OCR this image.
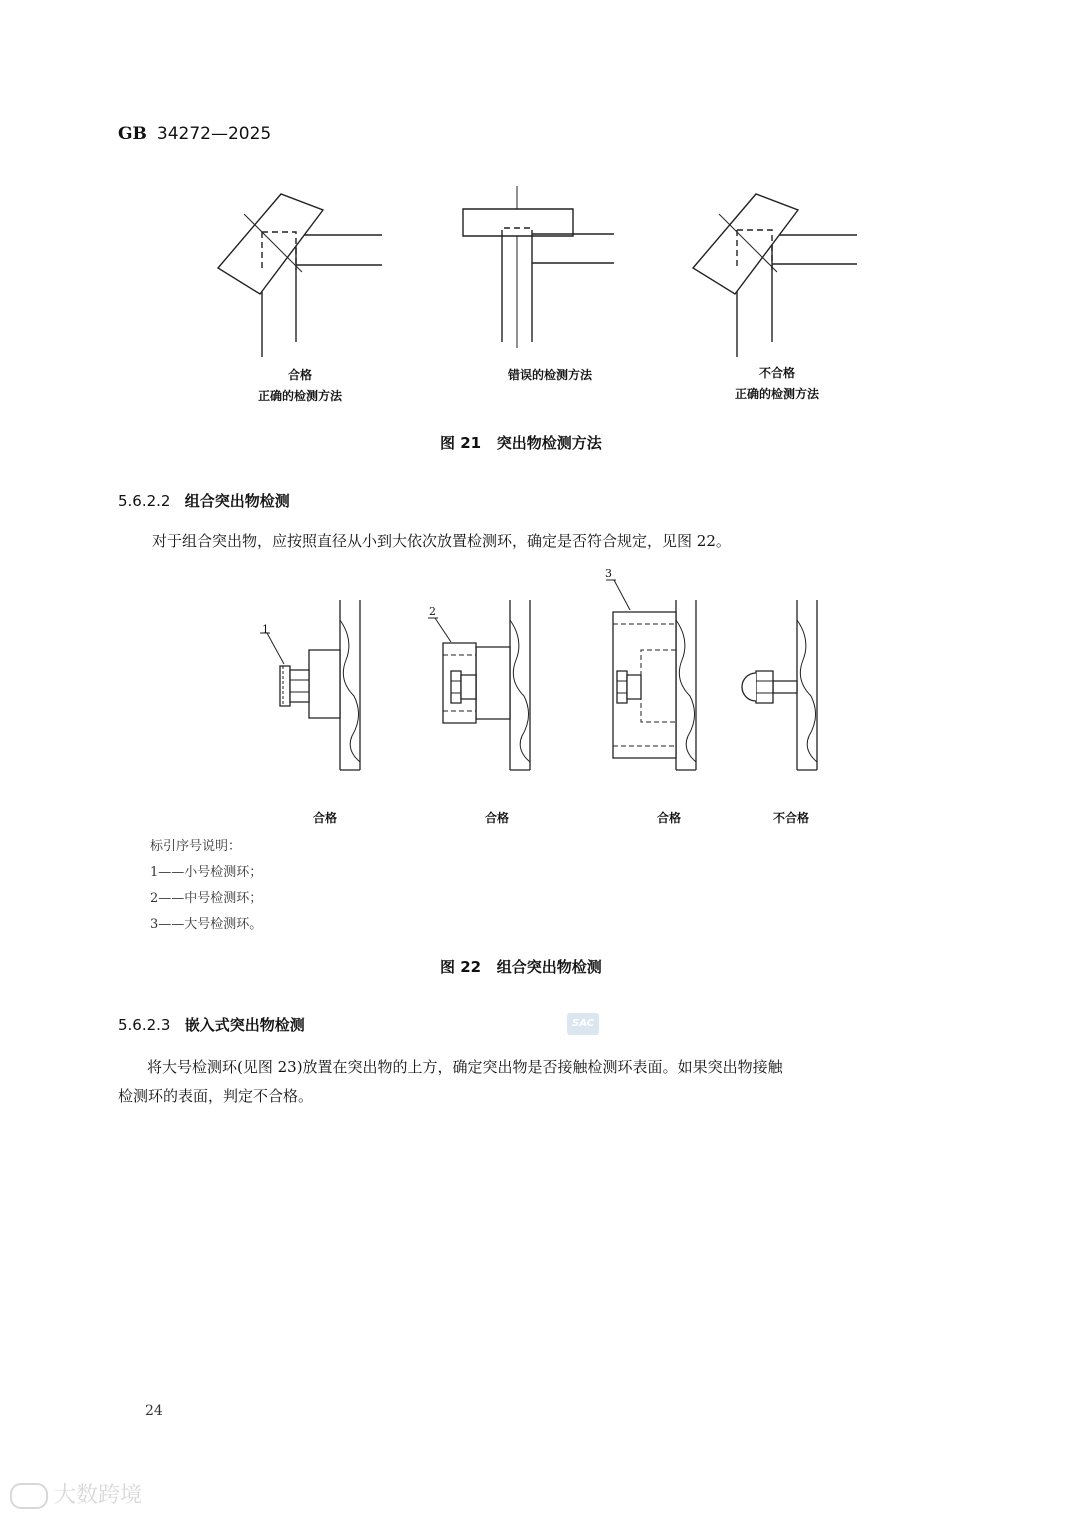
GB 34272—2025
合格
正确的检测方法
错误的检测方法	不合格
正确的检测方法
图 21   突出物检测方法
5.6.2.2 组合突出物检测
对于组合突出物，应按照直径从小到大依次放置检测环，确定是否符合规定，见图 22。
1
2
3
合格	合格	合格	不合格
标引序号说明：
1——小号检测环；
2——中号检测环；
3——大号检测环。
图 22   组合突出物检测
5.6.2.3 嵌入式突出物检测	SAC
将大号检测环(见图 23)放置在突出物的上方，确定突出物是否接触检测环表面。如果突出物接触
检测环的表面，判定不合格。
24
大数跨境
